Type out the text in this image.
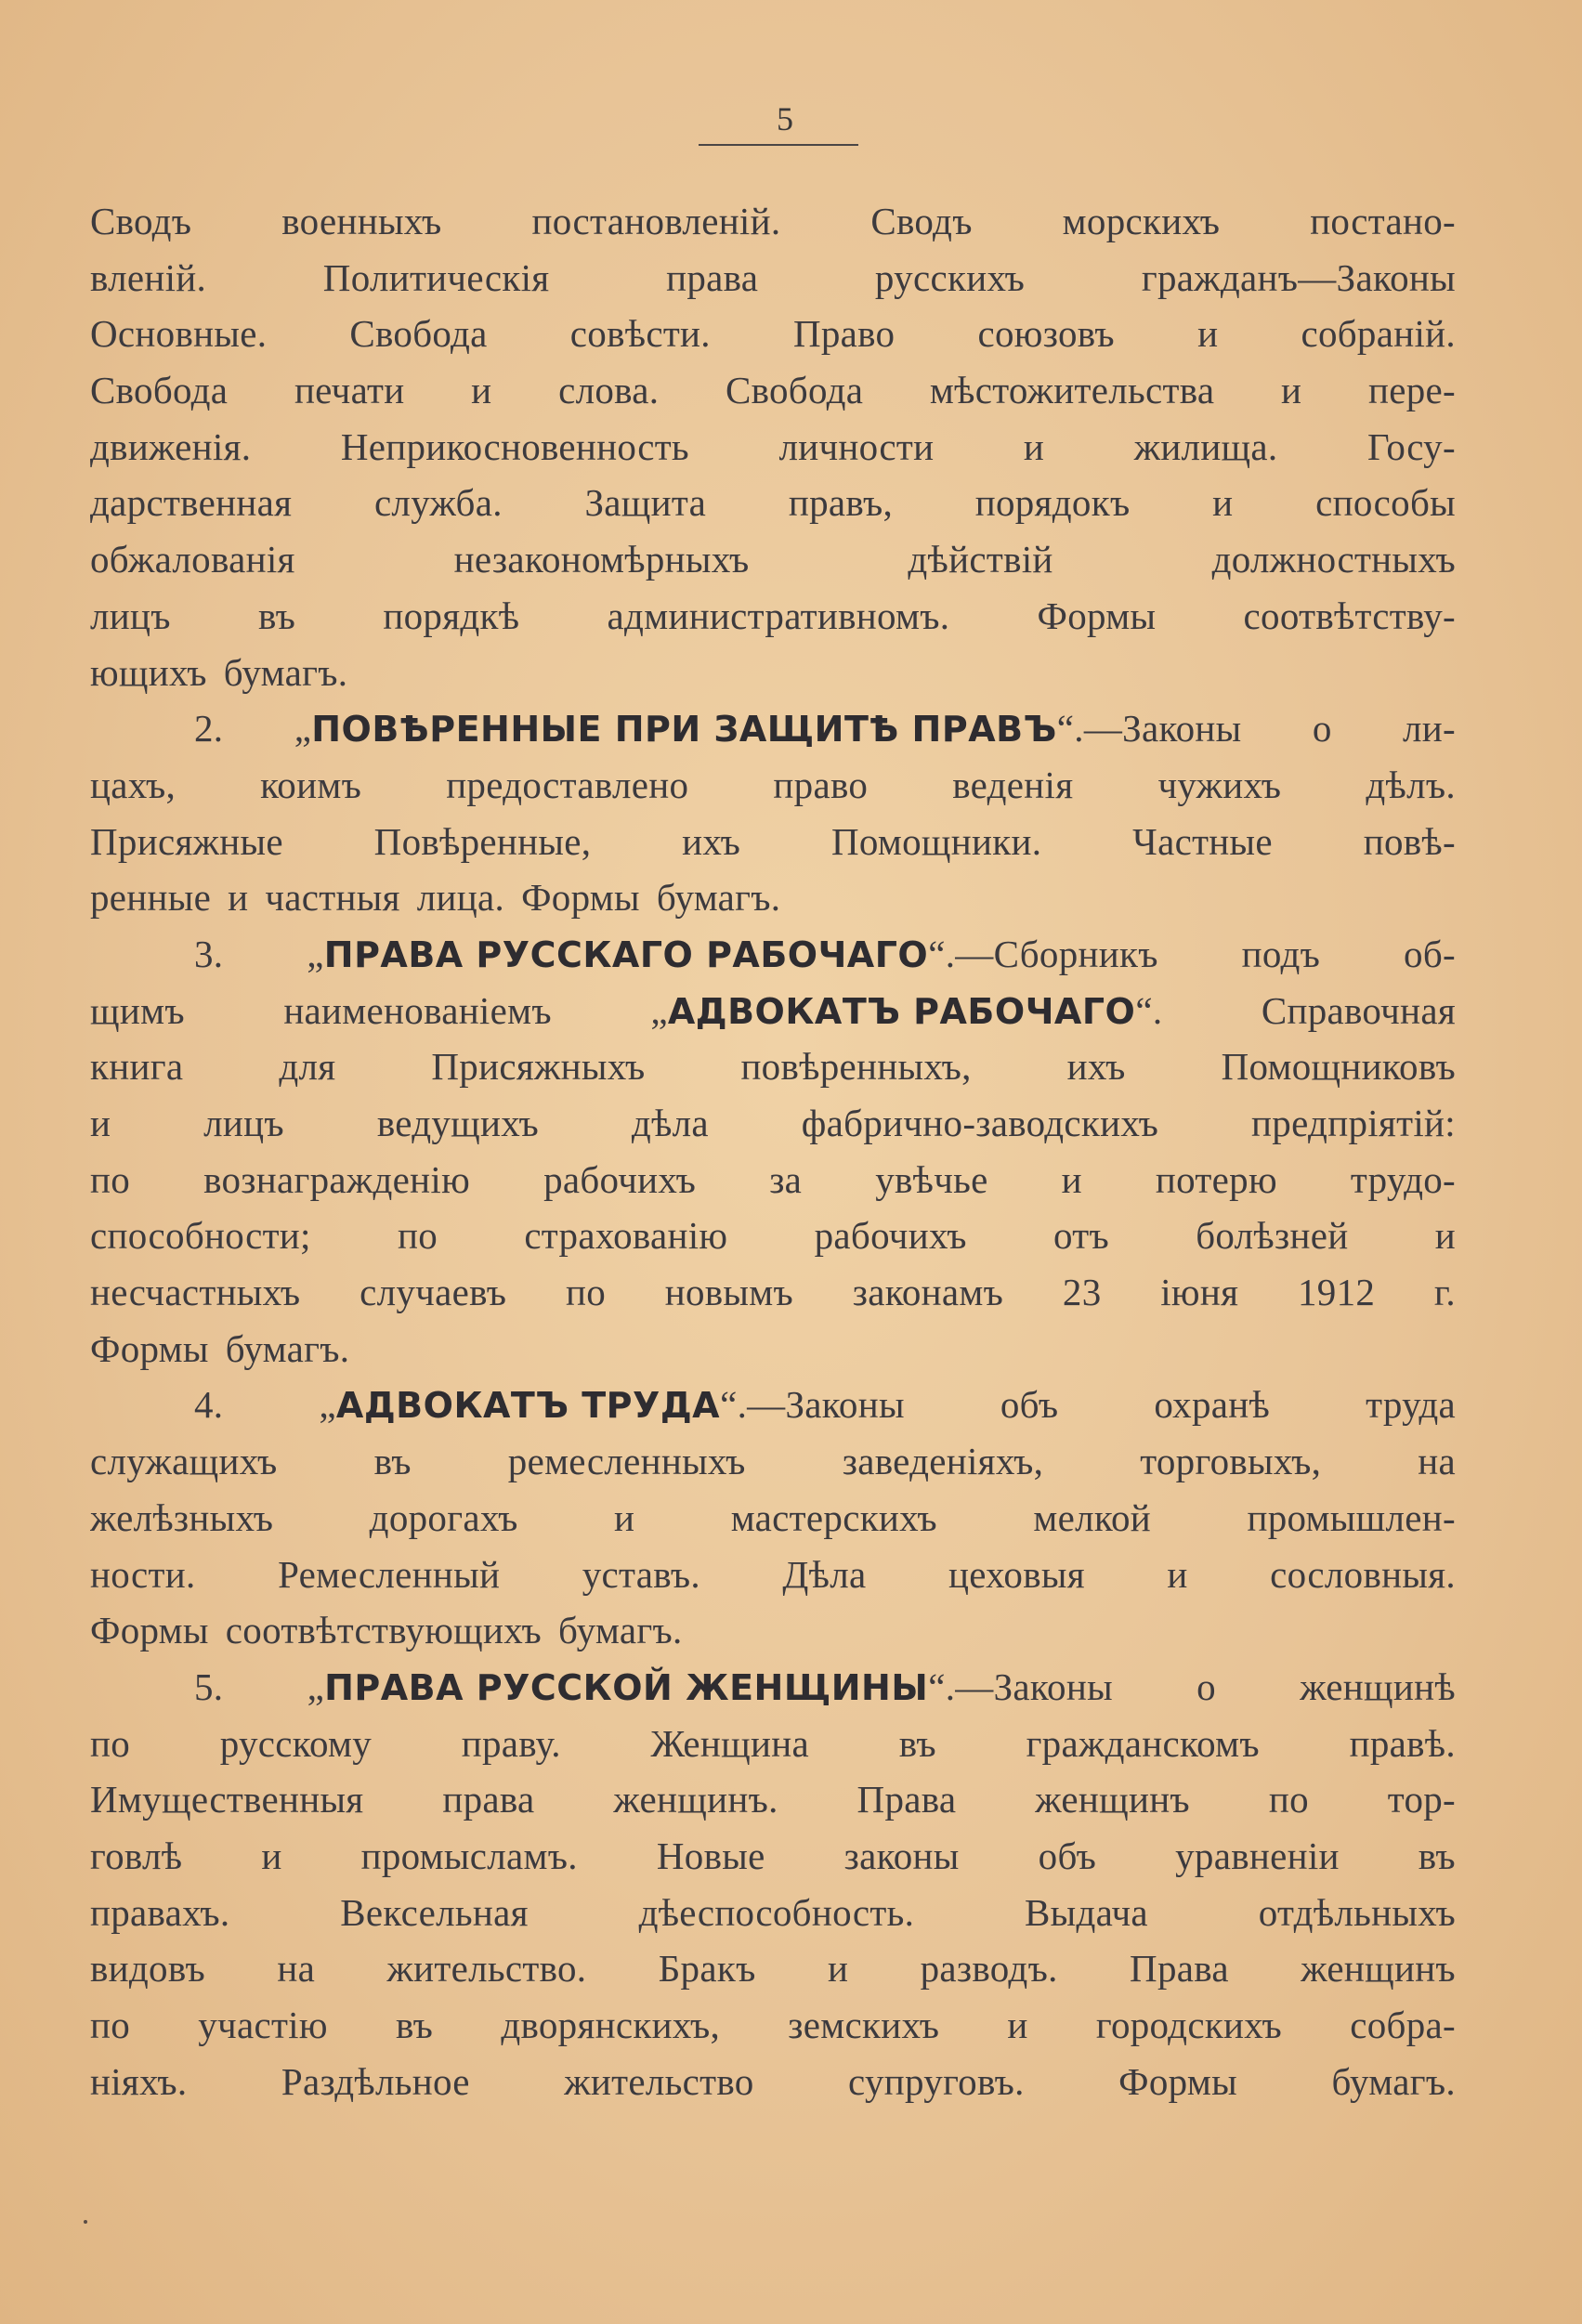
5
Сводъ военныхъ постановленій. Сводъ морскихъ постано-
вленій.	Политическія	права	русскихъ	гражданъ—Законы
Основные. Свобода совѣсти. Право союзовъ и собраній.
Свобода печати и слова. Свобода мѣстожительства и пере-
движенія. Неприкосновенность личности и жилища. Госу-
дарственная служба. Защита правъ, порядокъ и способы
обжалованія	незакономѣрныхъ	дѣйствій	должностныхъ
лицъ въ порядкѣ административномъ. Формы соотвѣтству-
ющихъ бумагъ.
2. „ПОВѢРЕННЫЕ ПРИ ЗАЩИТѢ ПРАВЪ“.—Законы о ли-
цахъ, коимъ предоставлено право веденія чужихъ дѣлъ.
Присяжные Повѣренные, ихъ Помощники. Частные повѣ-
ренные и частныя лица. Формы бумагъ.
3. „ПРАВА РУССКАГО РАБОЧАГО“.—Сборникъ подъ об-
щимъ	наименованіемъ	„АДВОКАТЪ РАБОЧАГО“.	Справочная
книга	для	Присяжныхъ	повѣренныхъ,	ихъ	Помощниковъ
и лицъ ведущихъ дѣла фабрично-заводскихъ предпріятій:
по вознагражденію рабочихъ за увѣчье и потерю трудо-
способности; по страхованію рабочихъ отъ болѣзней и
несчастныхъ случаевъ по новымъ законамъ 23 іюня 1912 г.
Формы бумагъ.
4.	„АДВОКАТЪ ТРУДА“.—Законы	объ	охранѣ	труда
служащихъ	въ	ремесленныхъ	заведеніяхъ,	торговыхъ,	на
желѣзныхъ	дорогахъ	и	мастерскихъ	мелкой	промышлен-
ности. Ремесленный уставъ. Дѣла цеховыя и сословныя.
Формы соотвѣтствующихъ бумагъ.
5. „ПРАВА РУССКОЙ ЖЕНЩИНЫ“.—Законы о женщинѣ
по русскому праву. Женщина въ гражданскомъ правѣ.
Имущественныя права женщинъ. Права женщинъ по тор-
говлѣ и промысламъ. Новые законы объ уравненіи въ
правахъ.	Вексельная	дѣеспособность.	Выдача	отдѣльныхъ
видовъ на жительство. Бракъ и разводъ. Права женщинъ
по участію въ дворянскихъ, земскихъ и городскихъ собра-
ніяхъ. Раздѣльное жительство супруговъ. Формы бумагъ.
